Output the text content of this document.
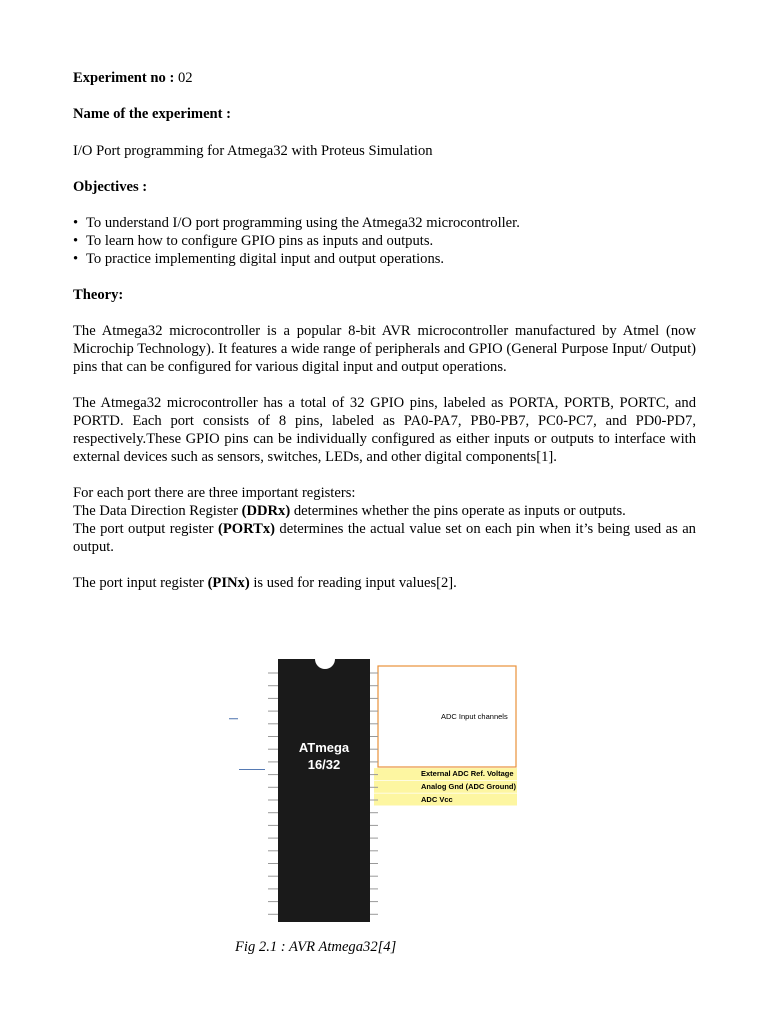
Experiment no : 02

Name of the experiment :

I/O Port programming for Atmega32 with Proteus Simulation

Objectives :

• To understand I/O port programming using the Atmega32 microcontroller.
• To learn how to configure GPIO pins as inputs and outputs.
• To practice implementing digital input and output operations.

Theory:

The Atmega32 microcontroller is a popular 8-bit AVR microcontroller manufactured by Atmel (now Microchip Technology). It features a wide range of peripherals and GPIO (General Purpose Input/ Output) pins that can be configured for various digital input and output operations.

The Atmega32 microcontroller has a total of 32 GPIO pins, labeled as PORTA, PORTB, PORTC, and PORTD. Each port consists of 8 pins, labeled as PA0-PA7, PB0-PB7, PC0-PC7, and PD0-PD7, respectively.These GPIO pins can be individually configured as either inputs or outputs to interface with external devices such as sensors, switches, LEDs, and other digital components[1].

For each port there are three important registers:

The Data Direction Register (DDRx) determines whether the pins operate as inputs or outputs.

The port output register (PORTx) determines the actual value set on each pin when it’s being used as an output.

The port input register (PINx) is used for reading input values[2].

ATmega
16/32
ADC Input channels
External ADC Ref. Voltage
Analog Gnd (ADC Ground)
ADC Vcc
Fig 2.1 : AVR Atmega32[4]
